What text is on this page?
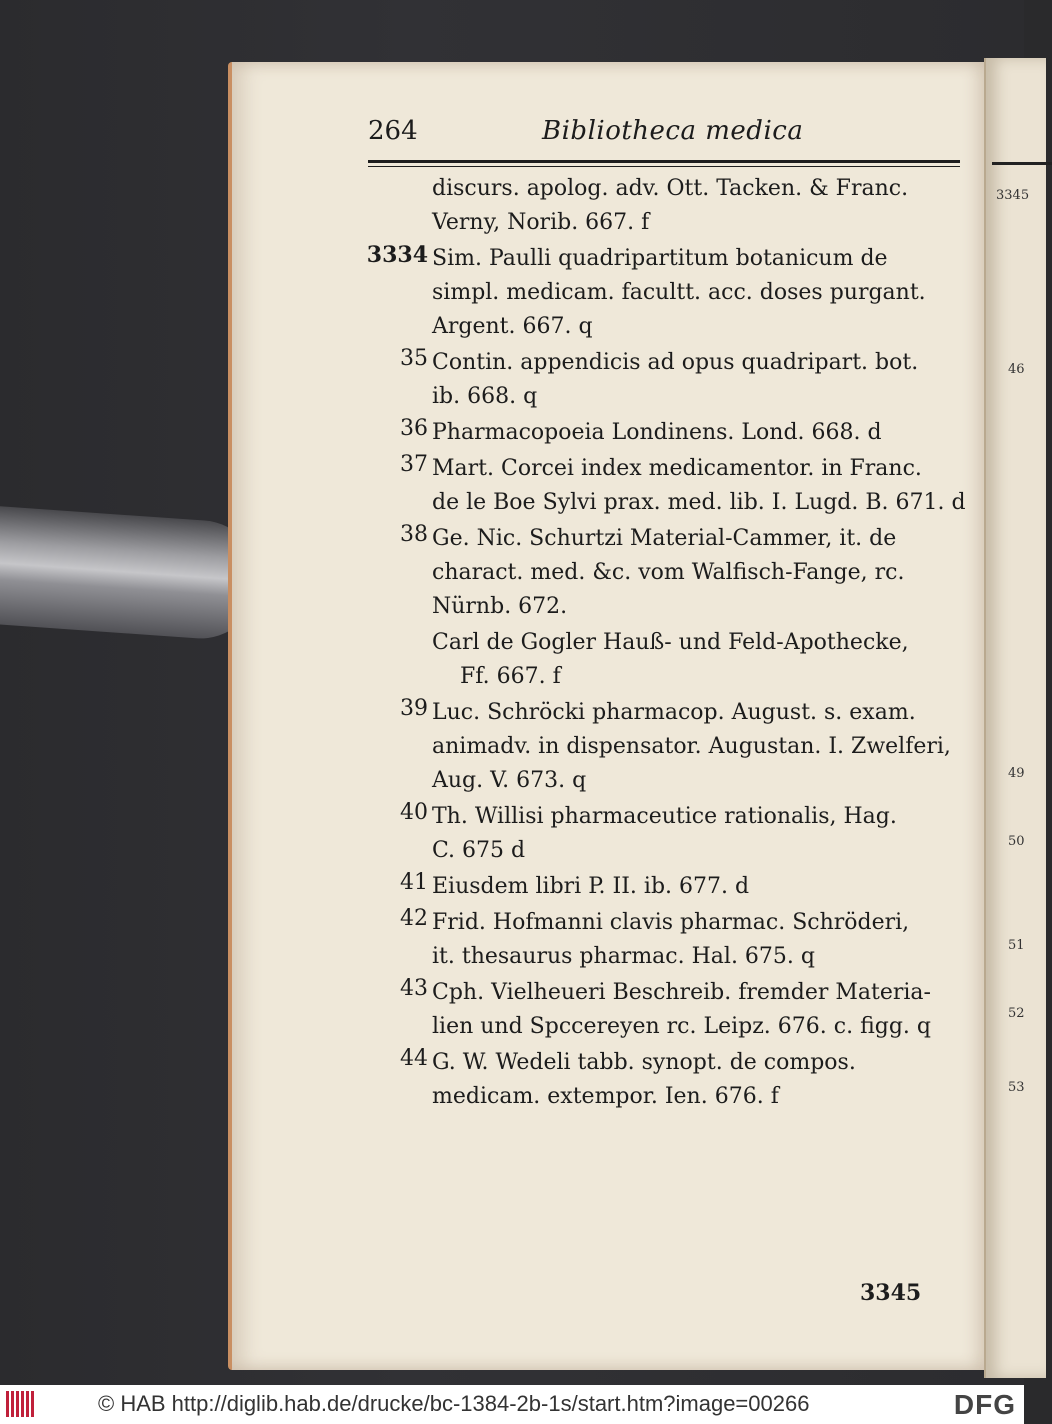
3345
46
49
50
51
52
53
264	Bibliotheca medica
discurs. apolog. adv. Ott. Tacken. & Franc.
Verny, Norib. 667. f
3334 Sim. Paulli quadripartitum botanicum de
simpl. medicam. facultt. acc. doses purgant.
Argent. 667. q
35 Contin. appendicis ad opus quadripart. bot.
ib. 668. q
36 Pharmacopoeia Londinens. Lond. 668. d
37 Mart. Corcei index medicamentor. in Franc.
de le Boe Sylvi prax. med. lib. I. Lugd. B. 671. d
38 Ge. Nic. Schurtzi Material-Cammer, it. de
charact. med. &c. vom Walfisch-Fange, rc.
Nürnb. 672.
Carl de Gogler Hauß- und Feld-Apothecke,
Ff. 667. f
39 Luc. Schröcki pharmacop. August. s. exam.
animadv. in dispensator. Augustan. I. Zwelferi,
Aug. V. 673. q
40 Th. Willisi pharmaceutice rationalis, Hag.
C. 675 d
41 Eiusdem libri P. II. ib. 677. d
42 Frid. Hofmanni clavis pharmac. Schröderi,
it. thesaurus pharmac. Hal. 675. q
43 Cph. Vielheueri Beschreib. fremder Materia-
lien und Spccereyen rc. Leipz. 676. c. figg. q
44 G. W. Wedeli tabb. synopt. de compos.
medicam. extempor. Ien. 676. f
3345
© HAB http://diglib.hab.de/drucke/bc-1384-2b-1s/start.htm?image=00266	DFG
